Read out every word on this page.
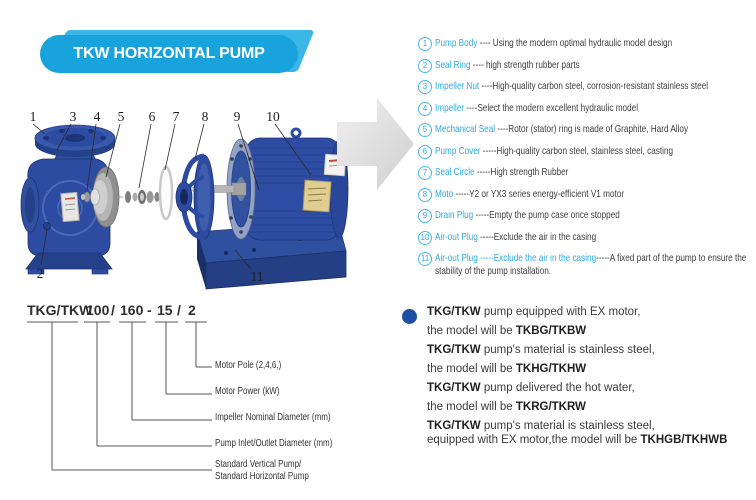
TKW HORIZONTAL PUMP
1 3 4 5 6 7 8 9 10
2	11
1 Pump Body ---- Using the modern optimal hydraulic model design
2 Seal Ring ---- high strength rubber parts
3 Impeller Nut ----High-quality carbon steel, corrosion-resistant stainless steel
4 Impeller ----Select the modern excellent hydraulic model
5 Mechanical Seal ----Rotor (stator) ring is made of Graphite, Hard Alloy
6 Pump Cover -----High-quality carbon steel, stainless steel, casting
7 Seal Circle -----High strength Rubber
8 Moto -----Y2 or YX3 series energy-efficient V1 motor
9 Drain Plug -----Empty the pump case once stopped
10 Air-out Plug -----Exclude the air in the casing
11 Air-out Plug -----Exclude the air in the casing-----A fixed part of the pump to ensure the stability of the pump installation.
TKG/TKW
100 / 160 - 15 / 2
Motor Pole (2,4,6,)
Motor Power (kW)
Impeller Nominal Diameter (mm)
Pump Inlet/Outlet Diameter (mm)
Standard Vertical Pump/
Standard Horizontal Pump
TKG/TKW pump equipped with EX motor,
the model will be TKBG/TKBW
TKG/TKW pump's material is stainless steel,
the model will be TKHG/TKHW
TKG/TKW pump delivered the hot water,
the model will be TKRG/TKRW
TKG/TKW pump's material is stainless steel,
equipped with EX motor,the model will be TKHGB/TKHWB
